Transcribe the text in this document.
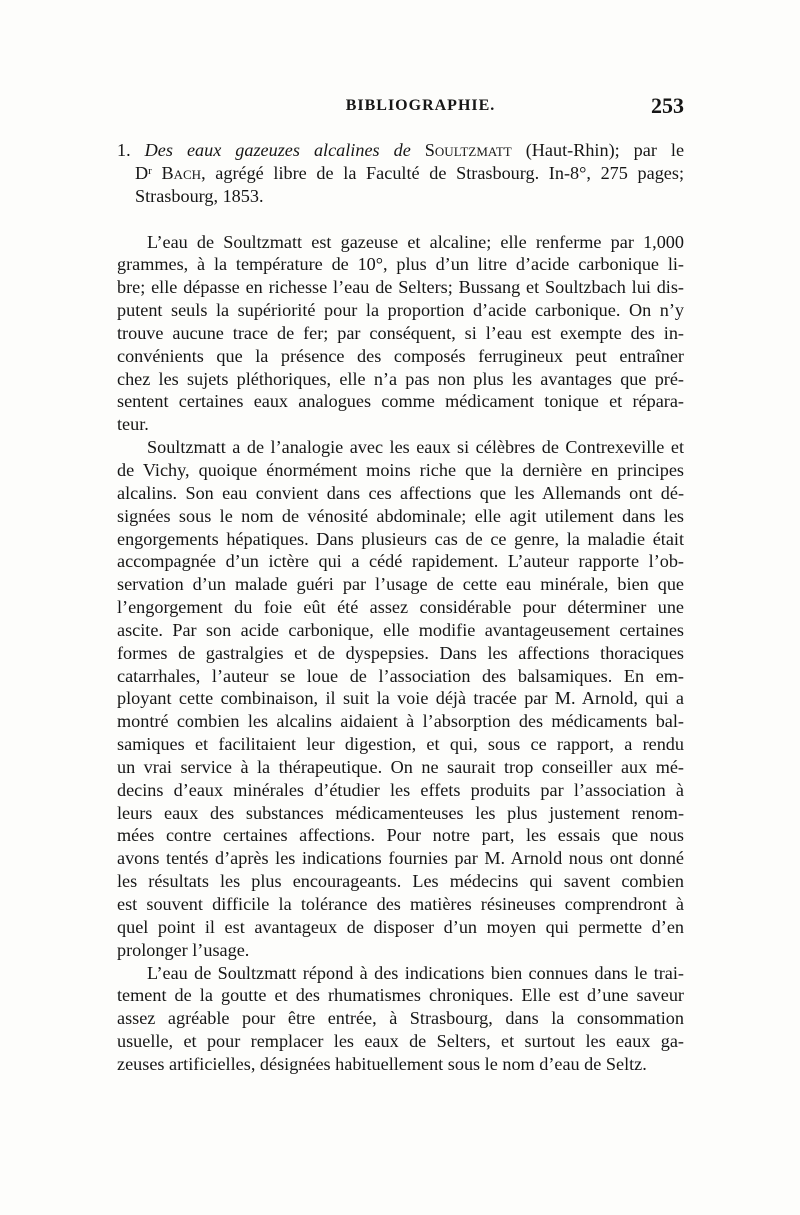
BIBLIOGRAPHIE.	253
1. Des eaux gazeuzes alcalines de Soultzmatt (Haut-Rhin); par le
$D^r$ Bach, agrégé libre de la Faculté de Strasbourg. In-8°, 275 pages;
Strasbourg, 1853.
L’eau de Soultzmatt est gazeuse et alcaline; elle renferme par 1,000
grammes, à la température de 10°, plus d’un litre d’acide carbonique li-
bre; elle dépasse en richesse l’eau de Selters; Bussang et Soultzbach lui dis-
putent seuls la supériorité pour la proportion d’acide carbonique. On n’y
trouve aucune trace de fer; par conséquent, si l’eau est exempte des in-
convénients que la présence des composés ferrugineux peut entraîner
chez les sujets pléthoriques, elle n’a pas non plus les avantages que pré-
sentent certaines eaux analogues comme médicament tonique et répara-
teur.
Soultzmatt a de l’analogie avec les eaux si célèbres de Contrexeville et
de Vichy, quoique énormément moins riche que la dernière en principes
alcalins. Son eau convient dans ces affections que les Allemands ont dé-
signées sous le nom de vénosité abdominale; elle agit utilement dans les
engorgements hépatiques. Dans plusieurs cas de ce genre, la maladie était
accompagnée d’un ictère qui a cédé rapidement. L’auteur rapporte l’ob-
servation d’un malade guéri par l’usage de cette eau minérale, bien que
l’engorgement du foie eût été assez considérable pour déterminer une
ascite. Par son acide carbonique, elle modifie avantageusement certaines
formes de gastralgies et de dyspepsies. Dans les affections thoraciques
catarrhales, l’auteur se loue de l’association des balsamiques. En em-
ployant cette combinaison, il suit la voie déjà tracée par M. Arnold, qui a
montré combien les alcalins aidaient à l’absorption des médicaments bal-
samiques et facilitaient leur digestion, et qui, sous ce rapport, a rendu
un vrai service à la thérapeutique. On ne saurait trop conseiller aux mé-
decins d’eaux minérales d’étudier les effets produits par l’association à
leurs eaux des substances médicamenteuses les plus justement renom-
mées contre certaines affections. Pour notre part, les essais que nous
avons tentés d’après les indications fournies par M. Arnold nous ont donné
les résultats les plus encourageants. Les médecins qui savent combien
est souvent difficile la tolérance des matières résineuses comprendront à
quel point il est avantageux de disposer d’un moyen qui permette d’en
prolonger l’usage.
L’eau de Soultzmatt répond à des indications bien connues dans le trai-
tement de la goutte et des rhumatismes chroniques. Elle est d’une saveur
assez agréable pour être entrée, à Strasbourg, dans la consommation
usuelle, et pour remplacer les eaux de Selters, et surtout les eaux ga-
zeuses artificielles, désignées habituellement sous le nom d’eau de Seltz.
